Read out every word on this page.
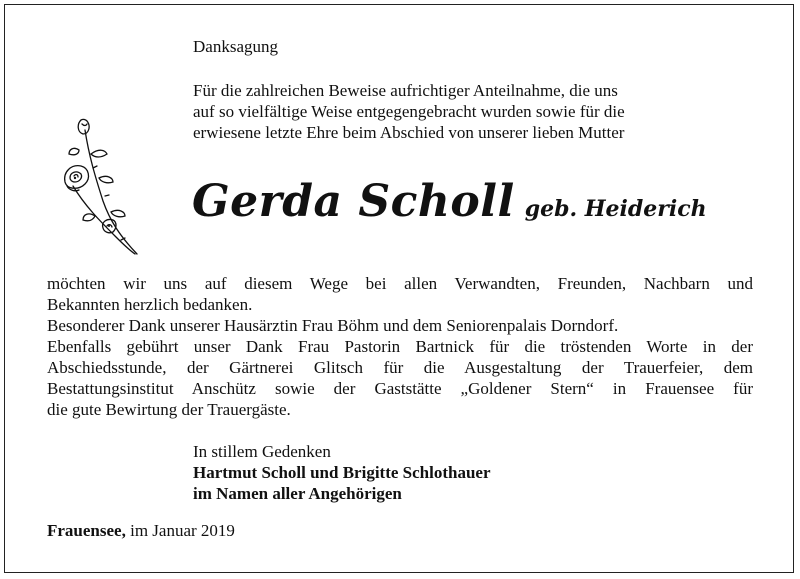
Danksagung
Für die zahlreichen Beweise aufrichtiger Anteilnahme, die uns
auf so vielfältige Weise entgegengebracht wurden sowie für die
erwiesene letzte Ehre beim Abschied von unserer lieben Mutter
Gerda Scholl geb. Heiderich
möchten wir uns auf diesem Wege bei allen Verwandten, Freunden, Nachbarn und
Bekannten herzlich bedanken.
Besonderer Dank unserer Hausärztin Frau Böhm und dem Seniorenpalais Dorndorf.
Ebenfalls gebührt unser Dank Frau Pastorin Bartnick für die tröstenden Worte in der
Abschiedsstunde, der Gärtnerei Glitsch für die Ausgestaltung der Trauerfeier, dem
Bestattungsinstitut Anschütz sowie der Gaststätte „Goldener Stern“ in Frauensee für
die gute Bewirtung der Trauergäste.
In stillem Gedenken
Hartmut Scholl und Brigitte Schlothauer
im Namen aller Angehörigen
Frauensee, im Januar 2019
